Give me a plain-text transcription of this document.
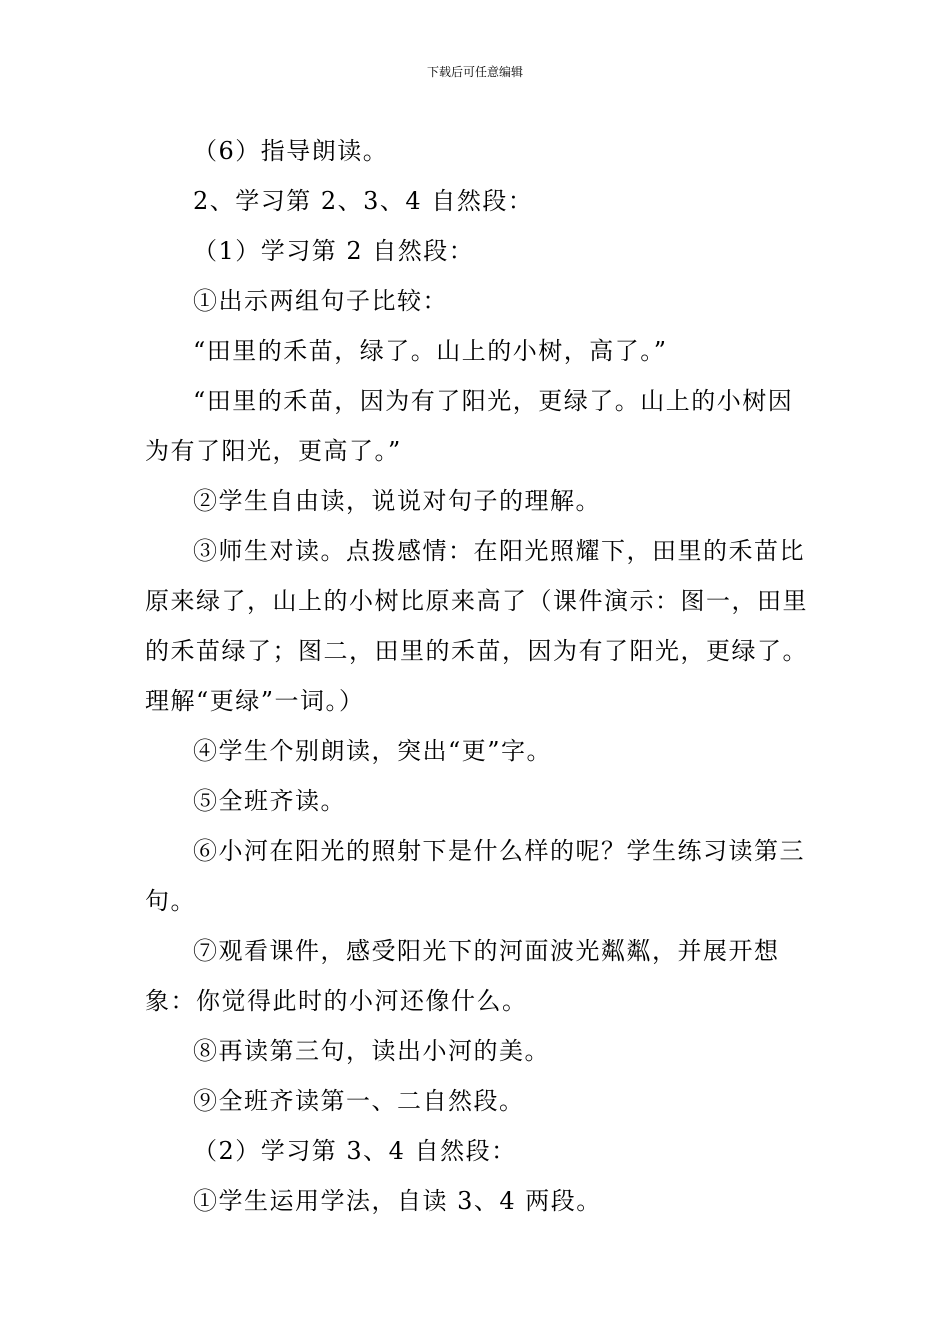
下载后可任意编辑

（6）指导朗读。

2、学习第 2、3、4 自然段：

（1）学习第 2 自然段：

①出示两组句子比较：

“田里的禾苗，绿了。山上的小树，高了。”

“田里的禾苗，因为有了阳光，更绿了。山上的小树因为有了阳光，更高了。”

②学生自由读，说说对句子的理解。

③师生对读。点拨感情：在阳光照耀下，田里的禾苗比原来绿了，山上的小树比原来高了（课件演示：图一，田里的禾苗绿了；图二，田里的禾苗，因为有了阳光，更绿了。理解“更绿”一词。）

④学生个别朗读，突出“更”字。

⑤全班齐读。

⑥小河在阳光的照射下是什么样的呢？学生练习读第三句。

⑦观看课件，感受阳光下的河面波光粼粼，并展开想象：你觉得此时的小河还像什么。

⑧再读第三句，读出小河的美。

⑨全班齐读第一、二自然段。

（2）学习第 3、4 自然段：

①学生运用学法，自读 3、4 两段。
